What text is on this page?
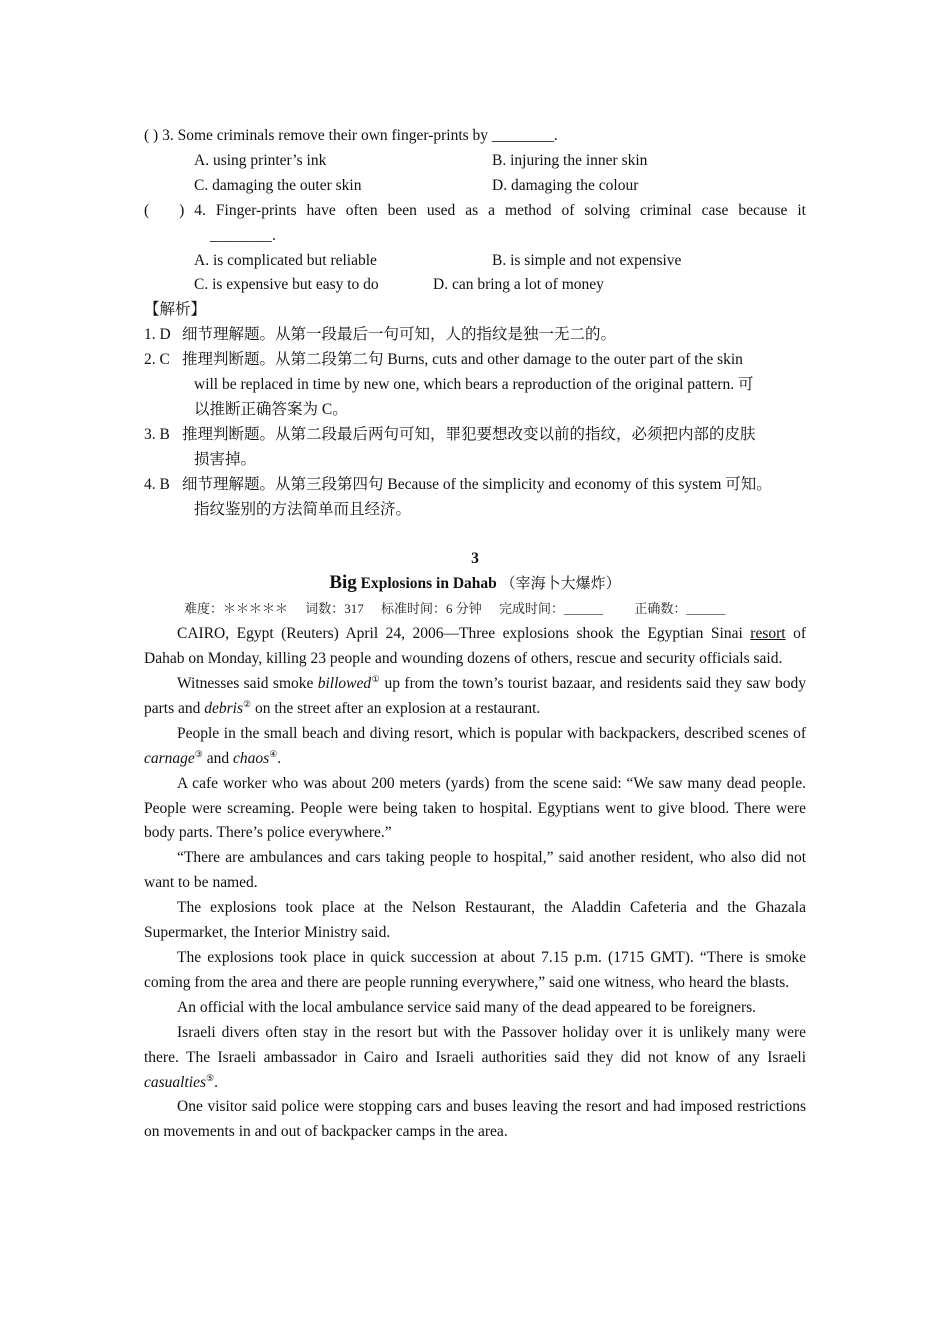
( ) 3. Some criminals remove their own finger-prints by ________.
A. using printer’s ink	B. injuring the inner skin
C. damaging the outer skin	D. damaging the colour
(      )  4.  Finger-prints  have  often  been  used  as  a  method  of  solving  criminal  case  because  it
________.
A. is complicated but reliable	B. is simple and not expensive
C. is expensive but easy to do	D. can bring a lot of money
【解析】
1. D 细节理解题。从第一段最后一句可知，人的指纹是独一无二的。
2. C 推理判断题。从第二段第二句 Burns, cuts and other damage to the outer part of the skin
will be replaced in time by new one, which bears a reproduction of the original pattern. 可
以推断正确答案为 C。
3. B 推理判断题。从第二段最后两句可知，罪犯要想改变以前的指纹，必须把内部的皮肤
损害掉。
4. B 细节理解题。从第三段第四句 Because of the simplicity and economy of this system 可知。
指纹鉴别的方法简单而且经济。
3
Big Explosions in Dahab （宰海卜大爆炸）
难度：＊＊＊＊＊ 词数：317 标准时间：6 分钟 完成时间：______ 正确数：______

CAIRO, Egypt (Reuters) April 24, 2006—Three explosions shook the Egyptian Sinai resort of Dahab on Monday, killing 23 people and wounding dozens of others, rescue and security officials said.

Witnesses said smoke billowed① up from the town’s tourist bazaar, and residents said they saw body parts and debris② on the street after an explosion at a restaurant.

People in the small beach and diving resort, which is popular with backpackers, described scenes of carnage③ and chaos④.

A cafe worker who was about 200 meters (yards) from the scene said: “We saw many dead people. People were screaming. People were being taken to hospital. Egyptians went to give blood. There were body parts. There’s police everywhere.”

“There are ambulances and cars taking people to hospital,” said another resident, who also did not want to be named.

The explosions took place at the Nelson Restaurant, the Aladdin Cafeteria and the Ghazala Supermarket, the Interior Ministry said.

The explosions took place in quick succession at about 7.15 p.m. (1715 GMT). “There is smoke coming from the area and there are people running everywhere,” said one witness, who heard the blasts.

An official with the local ambulance service said many of the dead appeared to be foreigners.

Israeli divers often stay in the resort but with the Passover holiday over it is unlikely many were there. The Israeli ambassador in Cairo and Israeli authorities said they did not know of any Israeli casualties⑤.

One visitor said police were stopping cars and buses leaving the resort and had imposed restrictions on movements in and out of backpacker camps in the area.
